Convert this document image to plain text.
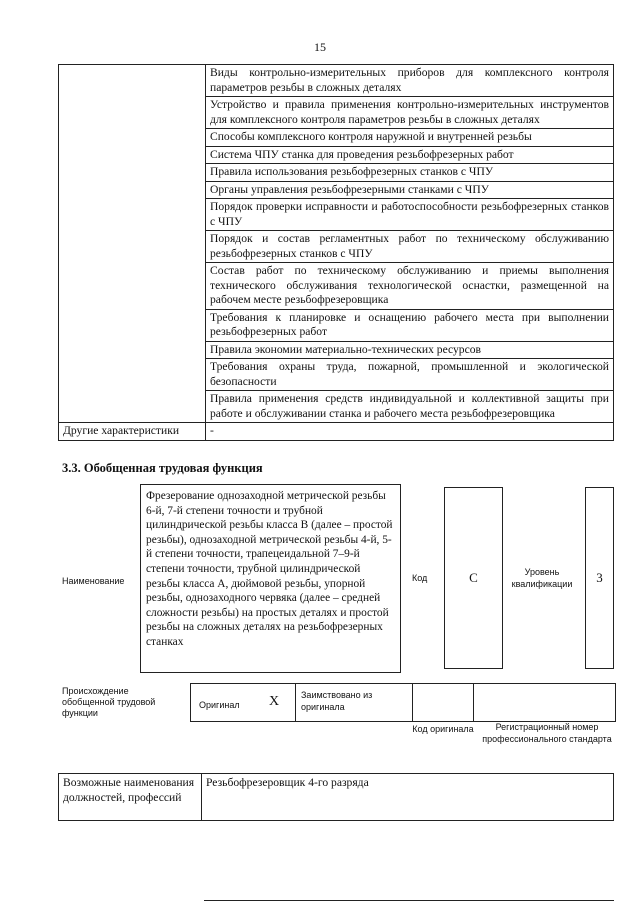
15
	Виды контрольно-измерительных приборов для комплексного контроля параметров резьбы в сложных деталях
	Устройство и правила применения контрольно-измерительных инструментов для комплексного контроля параметров резьбы в сложных деталях
	Способы комплексного контроля наружной и внутренней резьбы
	Система ЧПУ станка для проведения резьбофрезерных работ
	Правила использования резьбофрезерных станков с ЧПУ
	Органы управления резьбофрезерными станками с ЧПУ
	Порядок проверки исправности и работоспособности резьбофрезерных станков с ЧПУ
	Порядок и состав регламентных работ по техническому обслуживанию резьбофрезерных станков с ЧПУ
	Состав работ по техническому обслуживанию и приемы выполнения технического обслуживания технологической оснастки, размещенной на рабочем месте резьбофрезеровщика
	Требования к планировке и оснащению рабочего места при выполнении резьбофрезерных работ
	Правила экономии материально-технических ресурсов
	Требования охраны труда, пожарной, промышленной и экологической безопасности
	Правила применения средств индивидуальной и коллективной защиты при работе и обслуживании станка и рабочего места резьбофрезеровщика
Другие характеристики	-
3.3. Обобщенная трудовая функция
Наименование
Фрезерование однозаходной метрической резьбы 6-й, 7-й степени точности и трубной цилиндрической резьбы класса B (далее – простой резьбы), однозаходной метрической резьбы 4-й, 5-й степени точности, трапецеидальной 7–9-й степени точности, трубной цилиндрической резьбы класса A, дюймовой резьбы, упорной резьбы, однозаходного червяка (далее – средней сложности резьбы) на простых деталях и простой резьбы на сложных деталях на резьбофрезерных станках
Код	C	Уровень квалификации	3
Происхождение обобщенной трудовой функции
Оригинал X Заимствовано из оригинала
Код оригинала	Регистрационный номер профессионального стандарта
Возможные наименования должностей, профессий	Резьбофрезеровщик 4-го разряда
